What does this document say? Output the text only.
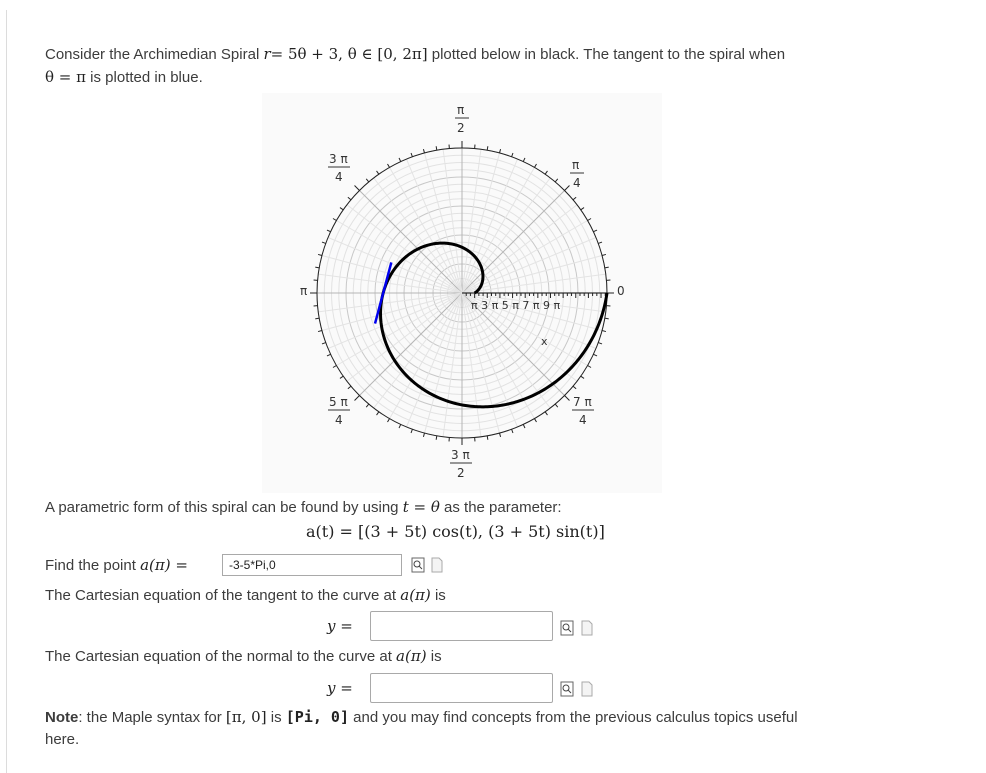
Consider the Archimedian Spiral r= 5θ + 3, θ ∈ [0, 2π] plotted below in black. The tangent to the spiral when
θ = π is plotted in blue.
0
π
4
π
2
3 π
4
π
5 π
4
3 π
2
7 π
4
π 3 π 5 π 7 π 9 π
x
A parametric form of this spiral can be found by using t = θ as the parameter:
a(t) = [(3 + 5t) cos(t), (3 + 5t) sin(t)]
Find the point a(π) =	-3-5*Pi,0
The Cartesian equation of the tangent to the curve at a(π) is
y =
The Cartesian equation of the normal to the curve at a(π) is
y =
Note: the Maple syntax for [π, 0] is [Pi, 0] and you may find concepts from the previous calculus topics useful
here.
